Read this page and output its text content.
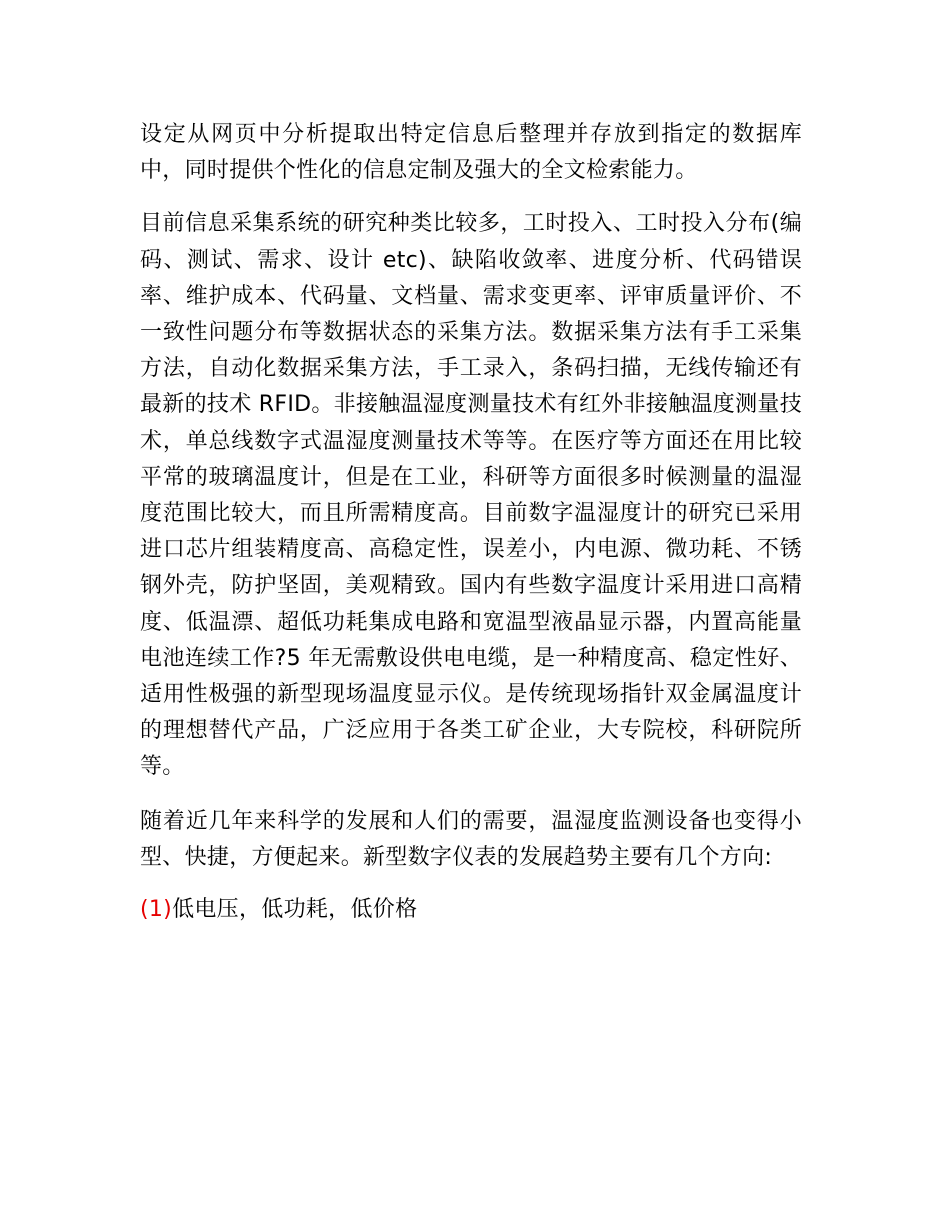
设定从网页中分析提取出特定信息后整理并存放到指定的数据库中，同时提供个性化的信息定制及强大的全文检索能力。

目前信息采集系统的研究种类比较多，工时投入、工时投入分布(编码、测试、需求、设计 etc)、缺陷收敛率、进度分析、代码错误率、维护成本、代码量、文档量、需求变更率、评审质量评价、不一致性问题分布等数据状态的采集方法。数据采集方法有手工采集方法，自动化数据采集方法，手工录入，条码扫描，无线传输还有最新的技术 RFID。非接触温湿度测量技术有红外非接触温度测量技术，单总线数字式温湿度测量技术等等。在医疗等方面还在用比较平常的玻璃温度计，但是在工业，科研等方面很多时候测量的温湿度范围比较大，而且所需精度高。目前数字温湿度计的研究已采用进口芯片组装精度高、高稳定性，误差小，内电源、微功耗、不锈钢外壳，防护坚固，美观精致。国内有些数字温度计采用进口高精度、低温漂、超低功耗集成电路和宽温型液晶显示器，内置高能量电池连续工作?5 年无需敷设供电电缆，是一种精度高、稳定性好、适用性极强的新型现场温度显示仪。是传统现场指针双金属温度计的理想替代产品，广泛应用于各类工矿企业，大专院校，科研院所等。

随着近几年来科学的发展和人们的需要，温湿度监测设备也变得小型、快捷，方便起来。新型数字仪表的发展趋势主要有几个方向:

(1)低电压，低功耗，低价格
